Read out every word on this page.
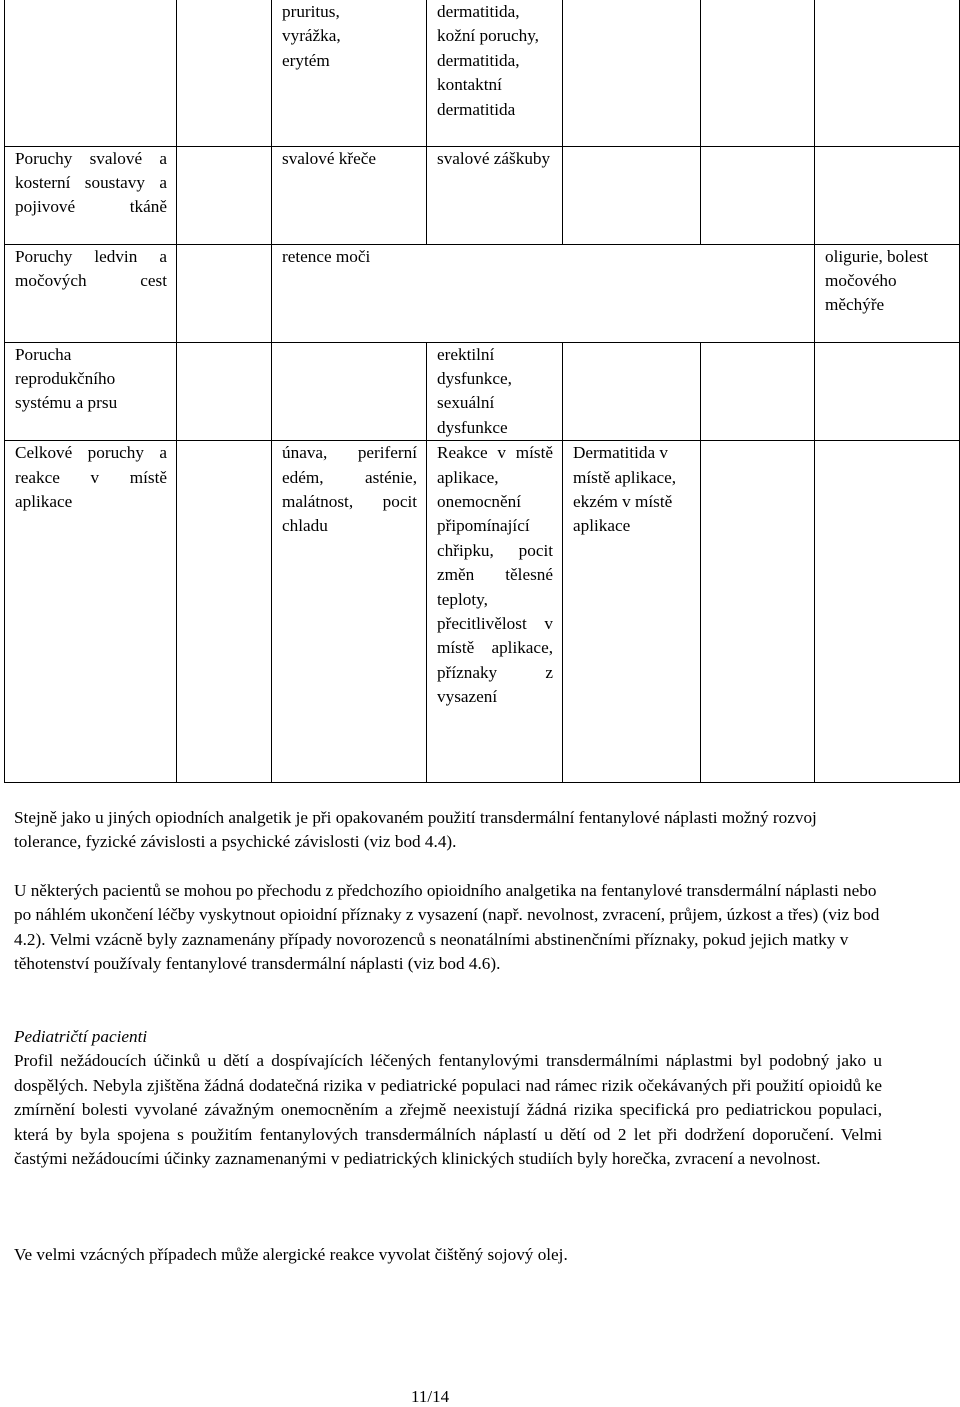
		pruritus, vyrážka, erytém	dermatitida, kožní poruchy, dermatitida, kontaktní dermatitida			
Poruchy svalové a kosterní soustavy a pojivové tkáně		svalové křeče	svalové záškuby			
Poruchy ledvin a močových cest		retence moči				oligurie, bolest močového měchýře
Porucha reprodukčního systému a prsu			erektilní dysfunkce, sexuální dysfunkce			
Celkové poruchy a reakce v místě aplikace		únava, periferní edém, asténie, malátnost, pocit chladu	Reakce v místě aplikace, onemocnění připomínající chřipku, pocit změn tělesné teploty, přecitlivělost v místě aplikace, příznaky z vysazení	Dermatitida v místě aplikace, ekzém v místě aplikace		

Stejně jako u jiných opiodních analgetik je při opakovaném použití transdermální fentanylové náplasti možný rozvoj tolerance, fyzické závislosti a psychické závislosti (viz bod 4.4).

U některých pacientů se mohou po přechodu z předchozího opioidního analgetika na fentanylové transdermální náplasti nebo po náhlém ukončení léčby vyskytnout opioidní příznaky z vysazení (např. nevolnost, zvracení, průjem, úzkost a třes) (viz bod 4.2). Velmi vzácně byly zaznamenány případy novorozenců s neonatálními abstinenčními příznaky, pokud jejich matky v těhotenství používaly fentanylové transdermální náplasti (viz bod 4.6).

Pediatričtí pacienti

Profil nežádoucích účinků u dětí a dospívajících léčených fentanylovými transdermálními náplastmi byl podobný jako u dospělých. Nebyla zjištěna žádná dodatečná rizika v pediatrické populaci nad rámec rizik očekávaných při použití opioidů ke zmírnění bolesti vyvolané závažným onemocněním a zřejmě neexistují žádná rizika specifická pro pediatrickou populaci, která by byla spojena s použitím fentanylových transdermálních náplastí u dětí od 2 let při dodržení doporučení. Velmi častými nežádoucími účinky zaznamenanými v pediatrických klinických studiích byly horečka, zvracení a nevolnost.

Ve velmi vzácných případech může alergické reakce vyvolat čištěný sojový olej.

11/14
